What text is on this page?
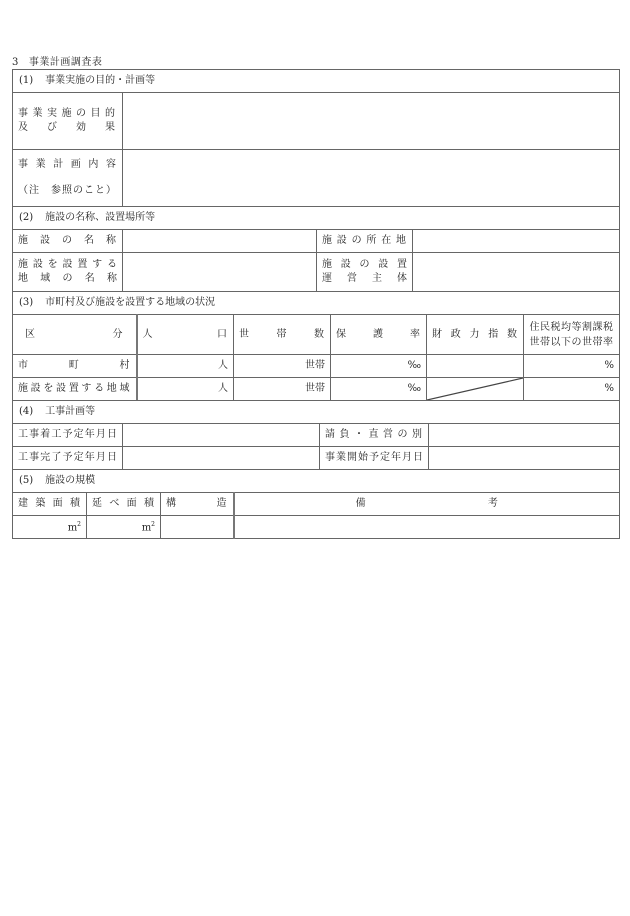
3 事業計画調査表
(1) 事業実施の目的・計画等			

事業実施の目的
及び効果			

事業計画内容
（注　参照のこと）			

(2) 施設の名称、設置場所等			
施設の名称		施設の所在地	

施設を設置する
地域の名称		施設の設置
運営主体	

(3) 市町村及び施設を設置する地域の状況			
区分	人口	世帯数	保護率	財政力指数	住民税均等割課税
世帯以下の世帯率

市町村	人	世帯	‰		%
施設を設置する地域	人	世帯	‰		%
(4) 工事計画等			
工事着工予定年月日		請負・直営の別	
工事完了予定年月日		事業開始予定年月日	
(5) 施設の規模			
建築面積	延べ面積	構造	備 考

$m^2$	$m^2$		
